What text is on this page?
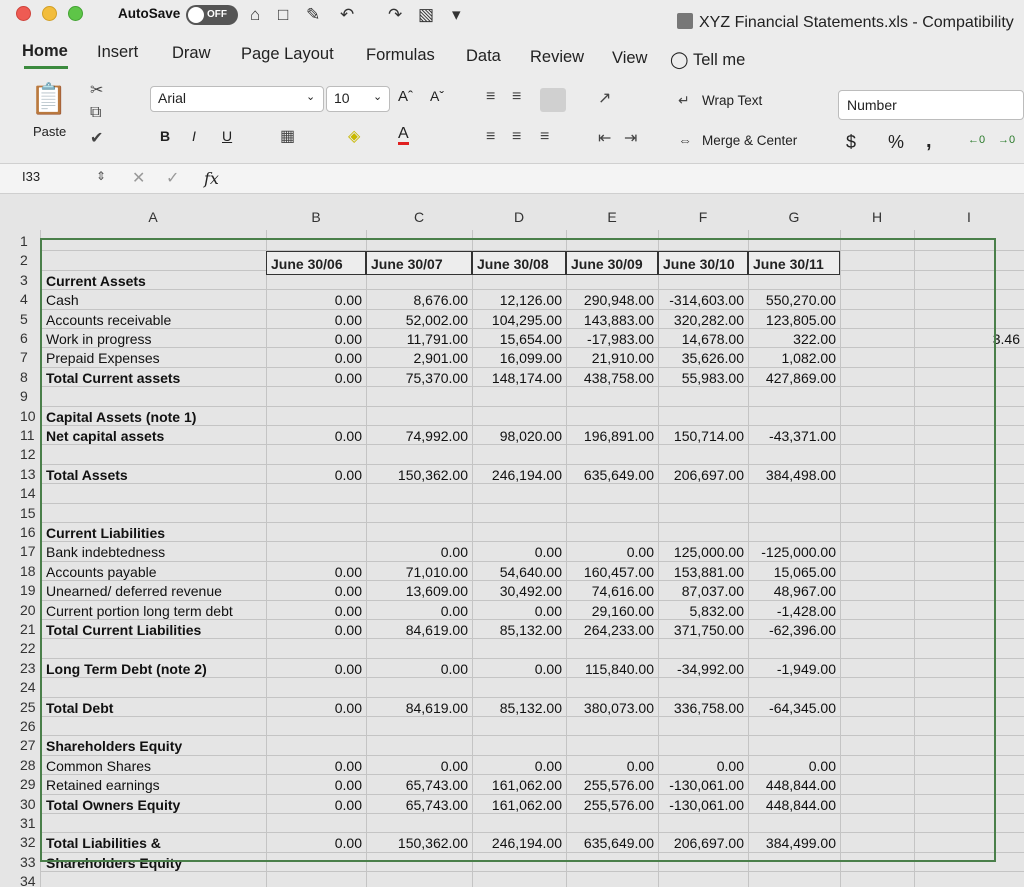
AutoSave	OFF ⌂ □ ✎ ↶ ↷ ▧ ▾	XYZ Financial Statements.xls - Compatibility
Home Insert Draw Page Layout Formulas Data Review View ◯ Tell me
📋
Paste
✂
⧉
✔
Arial	⌄ 10 ⌄ Aˆ Aˇ
B I U	▦	◈ A
≡ ≡	↗
≡ ≡ ≡	⇤ ⇥
↵ Wrap Text
⇔ Merge & Center
Number
$ % ,	←0 →0
I33	⇕ ✕ ✓ fx
A	B	C	D	E	F	G	H	I
1
2
3
4
5
6
7
8
9
10
11
12
13
14
15
16
17
18
19
20
21
22
23
24
25
26
27
28
29
30
31
32
33
34
June 30/06	June 30/07	June 30/08	June 30/09	June 30/10	June 30/11
Current Assets
Cash
Accounts receivable
Work in progress
Prepaid Expenses
Total Current assets
Capital Assets (note 1)
Net capital assets
Total Assets
Current Liabilities
Bank indebtedness
Accounts payable
Unearned/ deferred revenue
Current portion long term debt
Total Current Liabilities
Long Term Debt (note 2)
Total Debt
Shareholders Equity
Common Shares
Retained earnings
Total Owners Equity
Total Liabilities &
Shareholders Equity
0.00	8,676.00	12,126.00	290,948.00	-314,603.00	550,270.00
0.00	52,002.00	104,295.00	143,883.00	320,282.00	123,805.00
0.00	11,791.00	15,654.00	-17,983.00	14,678.00	322.00
0.00	2,901.00	16,099.00	21,910.00	35,626.00	1,082.00
0.00	75,370.00	148,174.00	438,758.00	55,983.00	427,869.00
0.00	74,992.00	98,020.00	196,891.00	150,714.00	-43,371.00
0.00	150,362.00	246,194.00	635,649.00	206,697.00	384,498.00
0.00	0.00	0.00	125,000.00	-125,000.00
0.00	71,010.00	54,640.00	160,457.00	153,881.00	15,065.00
0.00	13,609.00	30,492.00	74,616.00	87,037.00	48,967.00
0.00	0.00	0.00	29,160.00	5,832.00	-1,428.00
0.00	84,619.00	85,132.00	264,233.00	371,750.00	-62,396.00
0.00	0.00	0.00	115,840.00	-34,992.00	-1,949.00
0.00	84,619.00	85,132.00	380,073.00	336,758.00	-64,345.00
0.00	0.00	0.00	0.00	0.00	0.00
0.00	65,743.00	161,062.00	255,576.00	-130,061.00	448,844.00
0.00	65,743.00	161,062.00	255,576.00	-130,061.00	448,844.00
0.00	150,362.00	246,194.00	635,649.00	206,697.00	384,499.00
3.46
